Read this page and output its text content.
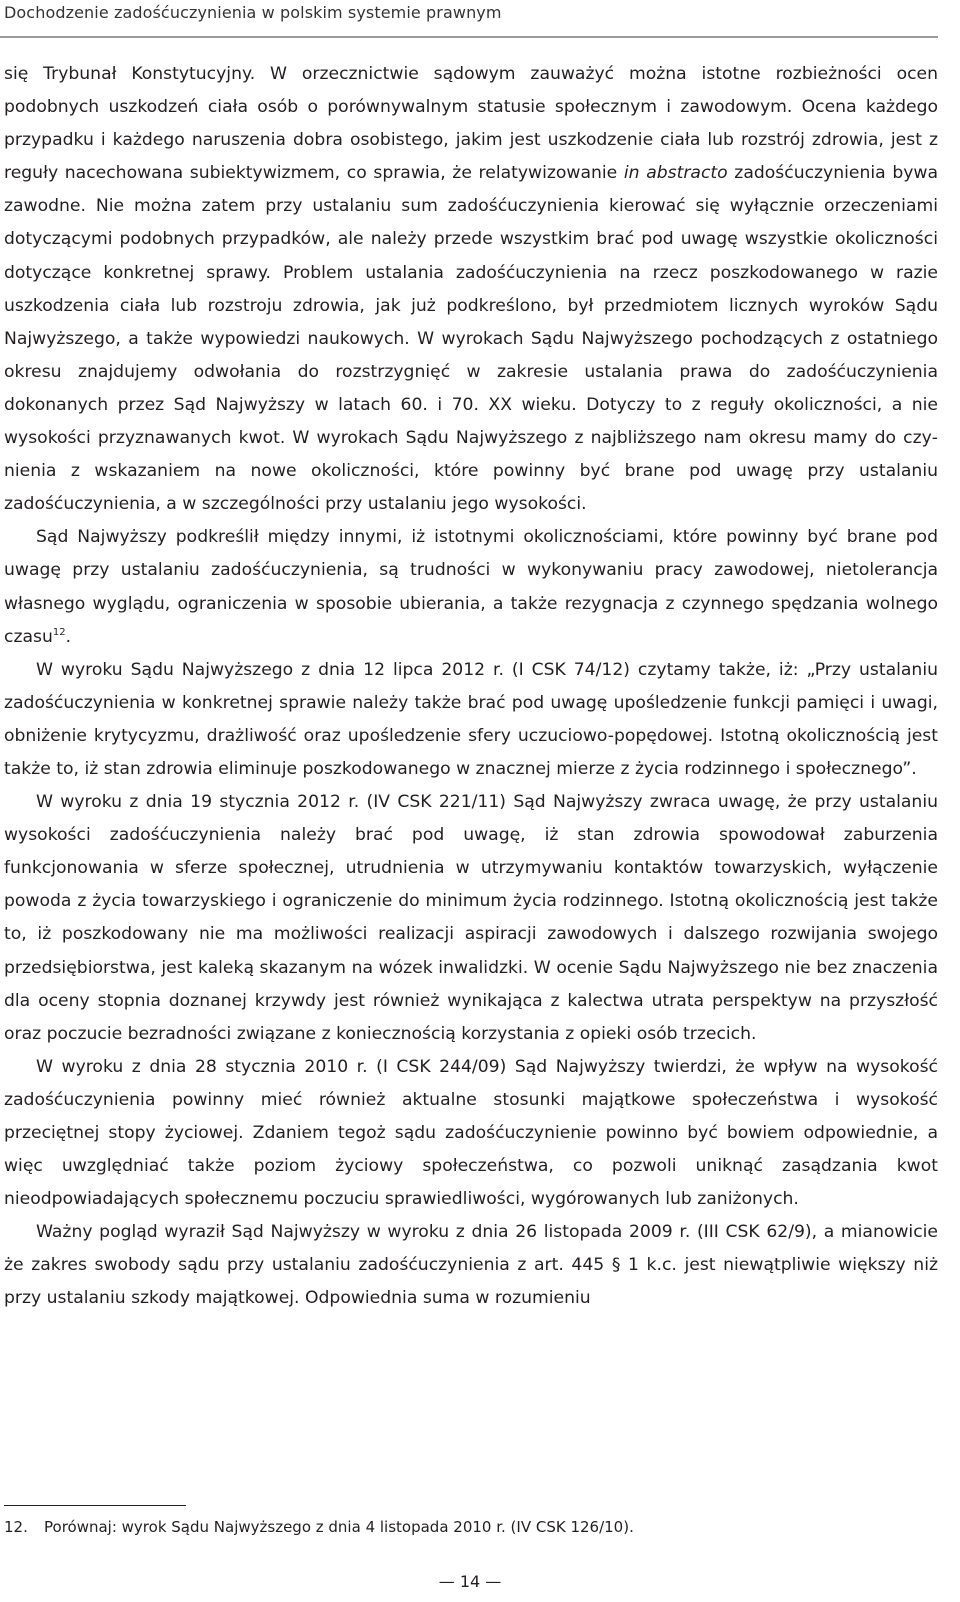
Dochodzenie zadośćuczynienia w polskim systemie prawnym

się Trybunał Konstytucyjny. W orzecznictwie sądowym zauważyć można istotne rozbieżności ocen podobnych uszkodzeń ciała osób o porównywalnym statusie społecznym i zawodowym. Ocena każdego przypadku i każdego naruszenia dobra osobistego, jakim jest uszkodzenie ciała lub rozstrój zdrowia, jest z reguły nacechowana subiektywizmem, co sprawia, że relatywizowanie in abstracto zadośćuczynienia bywa zawodne. Nie można zatem przy ustalaniu sum zadośćuczynienia kierować się wyłącznie orzeczeniami dotyczącymi podobnych przypadków, ale należy przede wszystkim brać pod uwagę wszystkie okoliczności dotyczące konkretnej sprawy. Problem ustalania zadośćuczynienia na rzecz poszkodowanego w razie uszkodzenia ciała lub rozstroju zdrowia, jak już podkreślono, był przedmiotem licznych wyroków Sądu Najwyższego, a także wypowiedzi naukowych. W wyrokach Sądu Najwyższego pochodzących z ostatniego okresu znajdujemy odwołania do rozstrzygnięć w zakresie ustalania prawa do zadośćuczynienia dokonanych przez Sąd Najwyższy w latach 60. i 70. XX wieku. Dotyczy to z reguły okoliczności, a nie wysokości przyznawanych kwot. W wyrokach Sądu Najwyższego z najbliższego nam okresu mamy do czynienia z wskazaniem na nowe okoliczności, które powinny być brane pod uwagę przy ustalaniu zadośćuczynienia, a w szczególności przy ustalaniu jego wysokości.

Sąd Najwyższy podkreślił między innymi, iż istotnymi okolicznościami, które powinny być brane pod uwagę przy ustalaniu zadośćuczynienia, są trudności w wykonywaniu pracy zawodowej, nietolerancja własnego wyglądu, ograniczenia w sposobie ubierania, a także rezygnacja z czynnego spędzania wolnego czasu$^{12}$.

W wyroku Sądu Najwyższego z dnia 12 lipca 2012 r. (I CSK 74/12) czytamy także, iż: „Przy ustalaniu zadośćuczynienia w konkretnej sprawie należy także brać pod uwagę upośledzenie funkcji pamięci i uwagi, obniżenie krytycyzmu, drażliwość oraz upośledzenie sfery uczuciowo-popędowej. Istotną okolicznością jest także to, iż stan zdrowia eliminuje poszkodowanego w znacznej mierze z życia rodzinnego i społecznego”.

W wyroku z dnia 19 stycznia 2012 r. (IV CSK 221/11) Sąd Najwyższy zwraca uwagę, że przy ustalaniu wysokości zadośćuczynienia należy brać pod uwagę, iż stan zdrowia spowodował zaburzenia funkcjonowania w sferze społecznej, utrudnienia w utrzymywaniu kontaktów towarzyskich, wyłączenie powoda z życia towarzyskiego i ograniczenie do minimum życia rodzinnego. Istotną okolicznością jest także to, iż poszkodowany nie ma możliwości realizacji aspiracji zawodowych i dalszego rozwijania swojego przedsiębiorstwa, jest kaleką skazanym na wózek inwalidzki. W ocenie Sądu Najwyższego nie bez znaczenia dla oceny stopnia doznanej krzywdy jest również wynikająca z kalectwa utrata perspektyw na przyszłość oraz poczucie bezradności związane z koniecznością korzystania z opieki osób trzecich.

W wyroku z dnia 28 stycznia 2010 r. (I CSK 244/09) Sąd Najwyższy twierdzi, że wpływ na wysokość zadośćuczynienia powinny mieć również aktualne stosunki majątkowe społeczeństwa i wysokość przeciętnej stopy życiowej. Zdaniem tegoż sądu zadośćuczynienie powinno być bowiem odpowiednie, a więc uwzględniać także poziom życiowy społeczeństwa, co pozwoli uniknąć zasądzania kwot nieodpowiadających społecznemu poczuciu sprawiedliwości, wygórowanych lub zaniżonych.

Ważny pogląd wyraził Sąd Najwyższy w wyroku z dnia 26 listopada 2009 r. (III CSK 62/9), a mianowicie że zakres swobody sądu przy ustalaniu zadośćuczynienia z art. 445 § 1 k.c. jest niewątpliwie większy niż przy ustalaniu szkody majątkowej. Odpowiednia suma w rozumieniu

12. Porównaj: wyrok Sądu Najwyższego z dnia 4 listopada 2010 r. (IV CSK 126/10).
— 14 —
